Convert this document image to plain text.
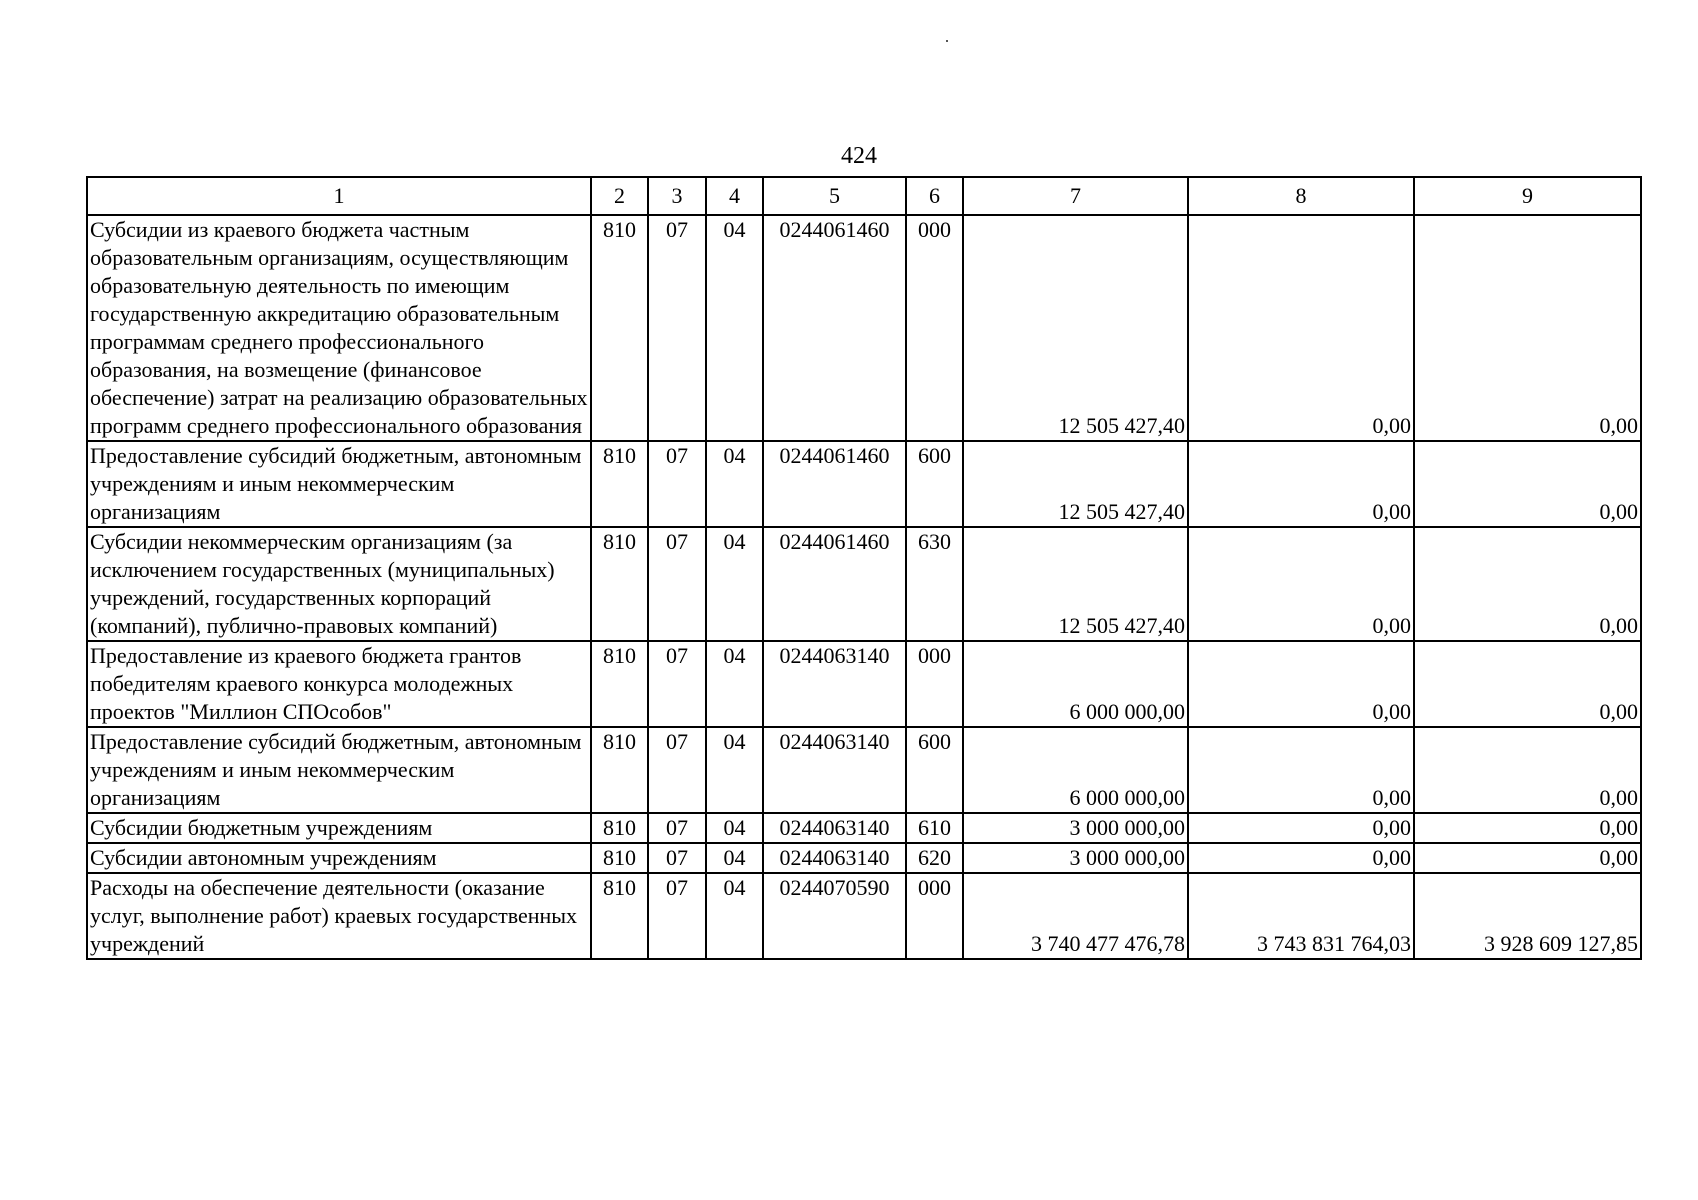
424
1	2	3	4	5	6	7	8	9
Субсидии из краевого бюджета частным образовательным организациям, осуществляющим образовательную деятельность по имеющим государственную аккредитацию образовательным программам среднего профессионального образования, на возмещение (финансовое обеспечение) затрат на реализацию образовательных программ среднего профессионального образования	810	07	04	0244061460	000	12 505 427,40	0,00	0,00
Предоставление субсидий бюджетным, автономным учреждениям и иным некоммерческим организациям	810	07	04	0244061460	600	12 505 427,40	0,00	0,00
Субсидии некоммерческим организациям (за исключением государственных (муниципальных) учреждений, государственных корпораций (компаний), публично-правовых компаний)	810	07	04	0244061460	630	12 505 427,40	0,00	0,00
Предоставление из краевого бюджета грантов победителям краевого конкурса молодежных проектов "Миллион СПОсобов"	810	07	04	0244063140	000	6 000 000,00	0,00	0,00
Предоставление субсидий бюджетным, автономным учреждениям и иным некоммерческим организациям	810	07	04	0244063140	600	6 000 000,00	0,00	0,00
Субсидии бюджетным учреждениям	810	07	04	0244063140	610	3 000 000,00	0,00	0,00
Субсидии автономным учреждениям	810	07	04	0244063140	620	3 000 000,00	0,00	0,00
Расходы на обеспечение деятельности (оказание услуг, выполнение работ) краевых государственных учреждений	810	07	04	0244070590	000	3 740 477 476,78	3 743 831 764,03	3 928 609 127,85
